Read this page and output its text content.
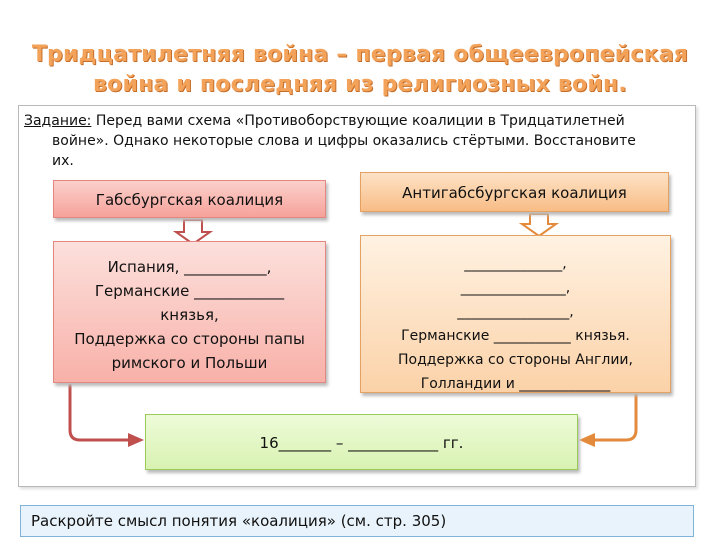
Тридцатилетняя война – первая общеевропейская
война и последняя из религиозных войн.
Задание: Перед вами схема «Противоборствующие коалиции в Тридцатилетней
войне». Однако некоторые слова и цифры оказались стёртыми. Восстановите
их.
Габсбургская коалиция	Антигабсбургская коалиция
Испания, ___________,
Германские ____________
князья,
Поддержка со стороны папы
римского и Польши
______________,
_______________,
________________,
Германские ___________ князья.
Поддержка со стороны Англии,
Голландии и _____________
16_______ – ____________ гг.
Раскройте смысл понятия «коалиция» (см. стр. 305)
